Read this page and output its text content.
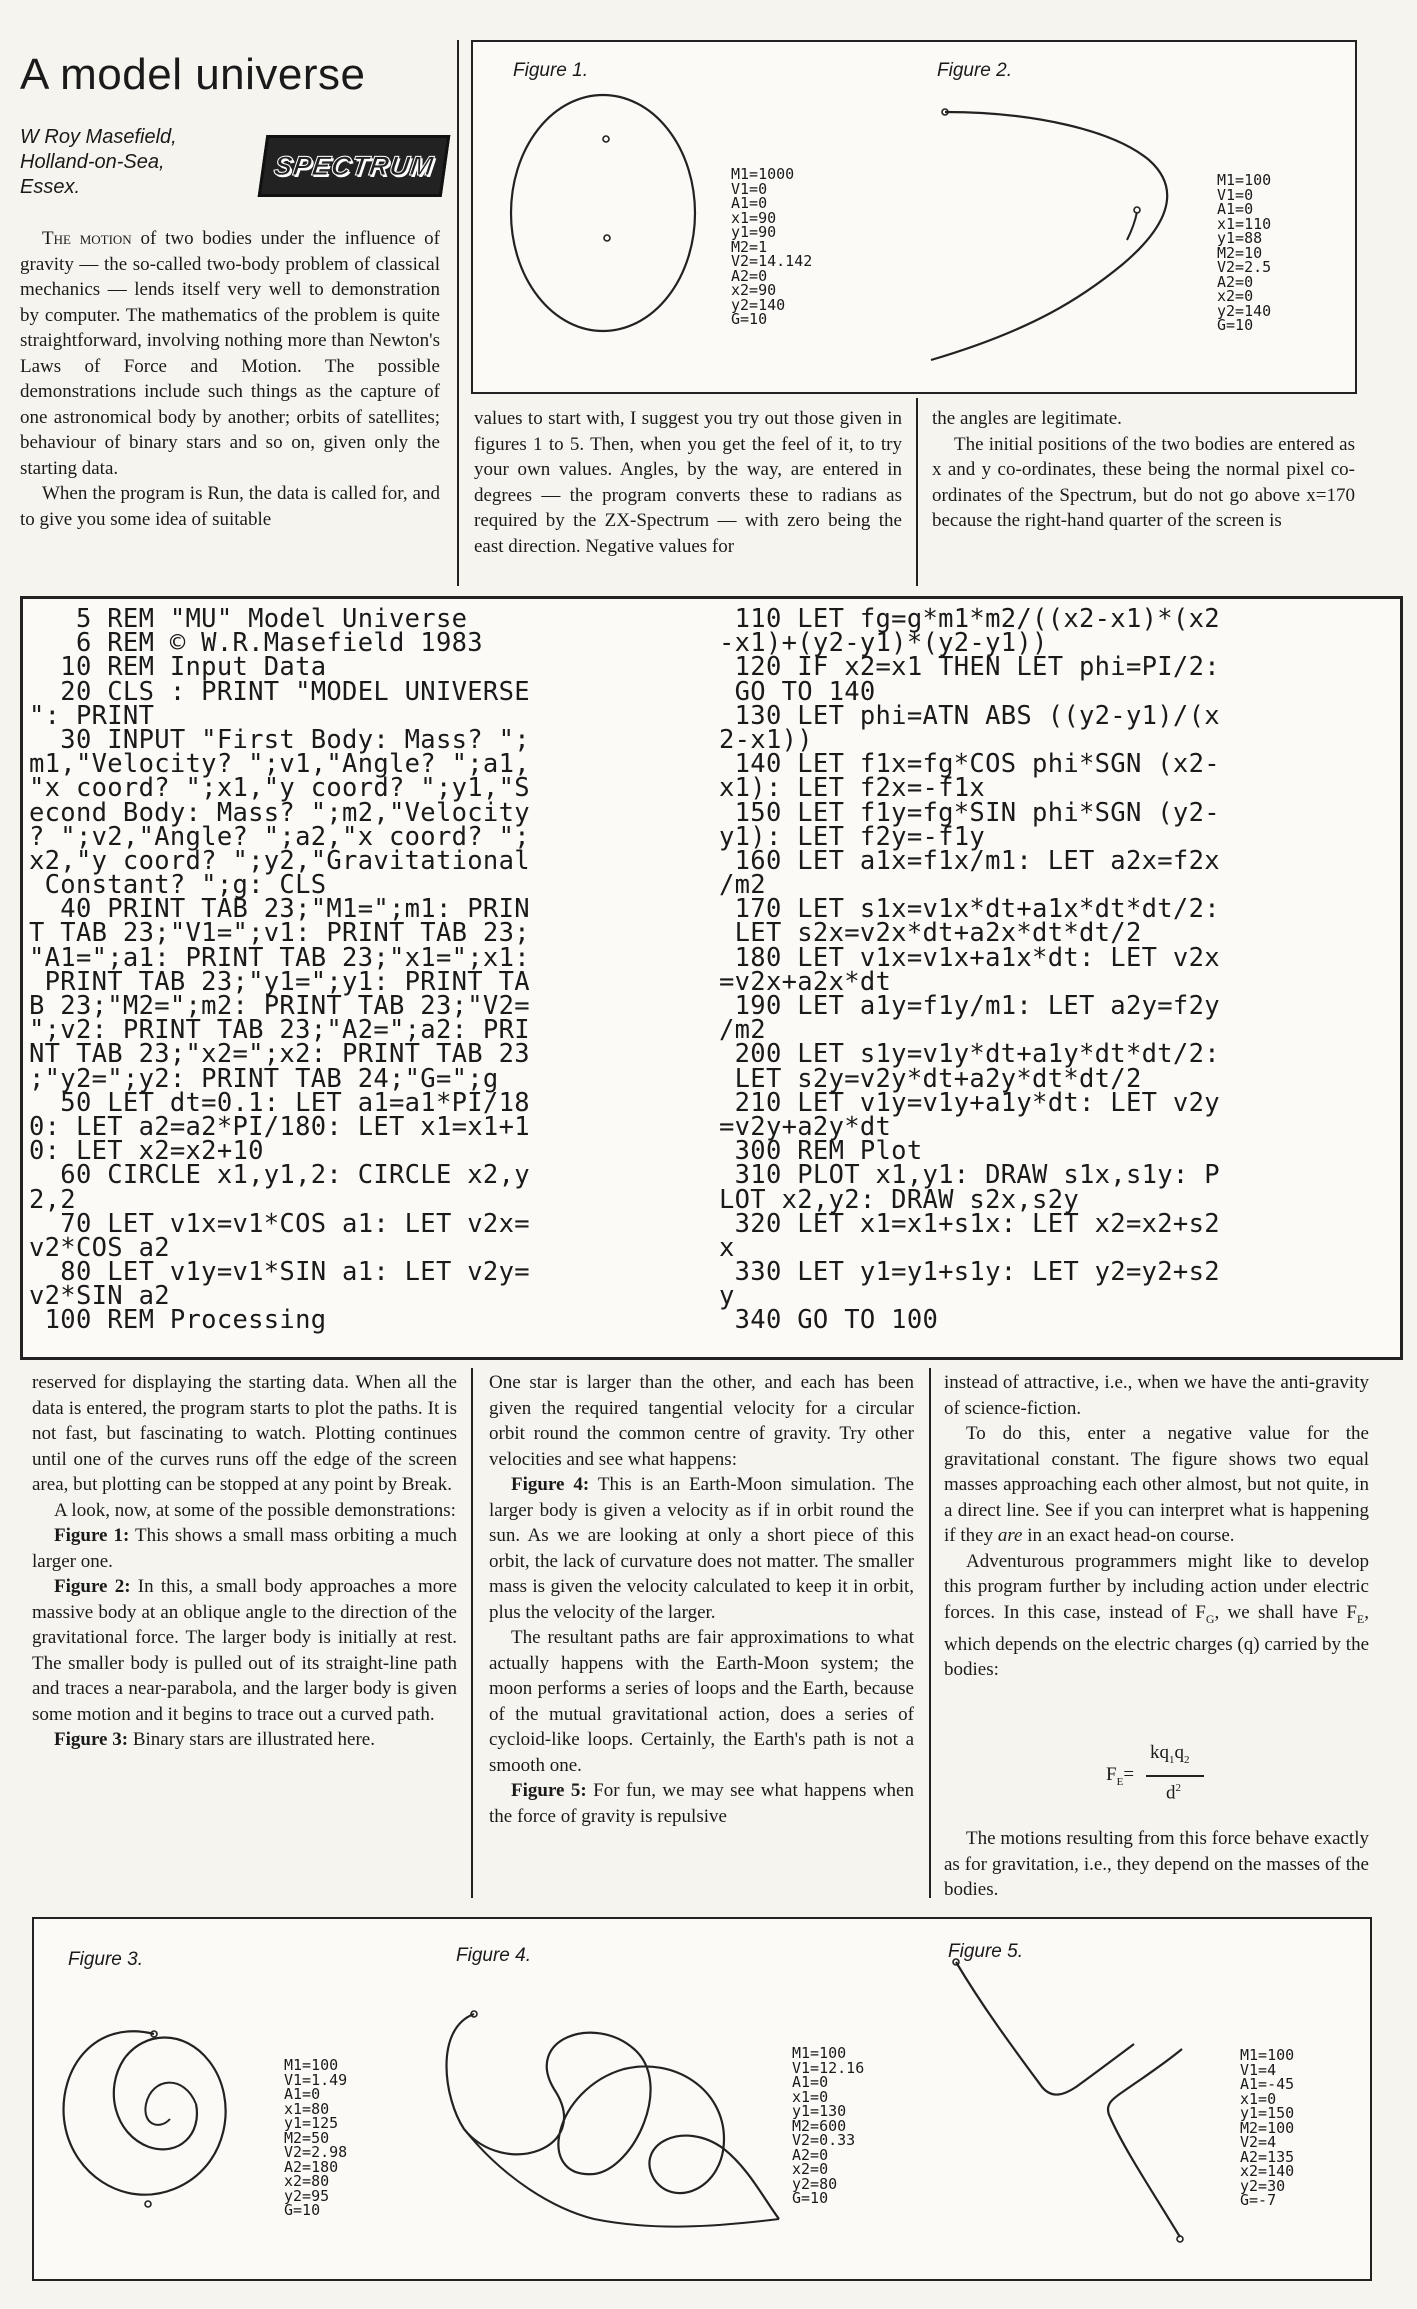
A model universe
W Roy Masefield,
Holland-on-Sea,
Essex.
SPECTRUM

The motion of two bodies under the influence of gravity — the so-called two-body problem of classical mechanics — lends itself very well to demonstration by computer. The mathematics of the problem is quite straightforward, involving nothing more than Newton's Laws of Force and Motion. The possible demonstrations include such things as the capture of one astronomical body by another; orbits of satellites; behaviour of binary stars and so on, given only the starting data.

When the program is Run, the data is called for, and to give you some idea of suitable

Figure 1.	Figure 2.

M1=1000
V1=0
A1=0
x1=90
y1=90
M2=1
V2=14.142
A2=0
x2=90
y2=140
G=10

M1=100
V1=0
A1=0
x1=110
y1=88
M2=10
V2=2.5
A2=0
x2=0
y2=140
G=10

values to start with, I suggest you try out those given in figures 1 to 5. Then, when you get the feel of it, to try your own values. Angles, by the way, are entered in degrees — the program converts these to radians as required by the ZX-Spectrum — with zero being the east direction. Negative values for

the angles are legitimate.

The initial positions of the two bodies are entered as x and y co-ordinates, these being the normal pixel co-ordinates of the Spectrum, but do not go above x=170 because the right-hand quarter of the screen is

5 REM "MU" Model Universe
6 REM © W.R.Masefield 1983
10 REM Input Data
20 CLS : PRINT "MODEL UNIVERSE
": PRINT
30 INPUT "First Body: Mass? ";
m1,"Velocity? ";v1,"Angle? ";a1,
"x coord? ";x1,"y coord? ";y1,"S
econd Body: Mass? ";m2,"Velocity
? ";v2,"Angle? ";a2,"x coord? ";
x2,"y coord? ";y2,"Gravitational
Constant? ";g: CLS
40 PRINT TAB 23;"M1=";m1: PRIN
T TAB 23;"V1=";v1: PRINT TAB 23;
"A1=";a1: PRINT TAB 23;"x1=";x1:
PRINT TAB 23;"y1=";y1: PRINT TA
B 23;"M2=";m2: PRINT TAB 23;"V2=
";v2: PRINT TAB 23;"A2=";a2: PRI
NT TAB 23;"x2=";x2: PRINT TAB 23
;"y2=";y2: PRINT TAB 24;"G=";g
50 LET dt=0.1: LET a1=a1*PI/18
0: LET a2=a2*PI/180: LET x1=x1+1
0: LET x2=x2+10
60 CIRCLE x1,y1,2: CIRCLE x2,y
2,2
70 LET v1x=v1*COS a1: LET v2x=
v2*COS a2
80 LET v1y=v1*SIN a1: LET v2y=
v2*SIN a2
100 REM Processing
110 LET fg=g*m1*m2/((x2-x1)*(x2
-x1)+(y2-y1)*(y2-y1))
120 IF x2=x1 THEN LET phi=PI/2:
GO TO 140
130 LET phi=ATN ABS ((y2-y1)/(x
2-x1))
140 LET f1x=fg*COS phi*SGN (x2-
x1): LET f2x=-f1x
150 LET f1y=fg*SIN phi*SGN (y2-
y1): LET f2y=-f1y
160 LET a1x=f1x/m1: LET a2x=f2x
/m2
170 LET s1x=v1x*dt+a1x*dt*dt/2:
LET s2x=v2x*dt+a2x*dt*dt/2
180 LET v1x=v1x+a1x*dt: LET v2x
=v2x+a2x*dt
190 LET a1y=f1y/m1: LET a2y=f2y
/m2
200 LET s1y=v1y*dt+a1y*dt*dt/2:
LET s2y=v2y*dt+a2y*dt*dt/2
210 LET v1y=v1y+a1y*dt: LET v2y
=v2y+a2y*dt
300 REM Plot
310 PLOT x1,y1: DRAW s1x,s1y: P
LOT x2,y2: DRAW s2x,s2y
320 LET x1=x1+s1x: LET x2=x2+s2
x
330 LET y1=y1+s1y: LET y2=y2+s2
y
340 GO TO 100

reserved for displaying the starting data. When all the data is entered, the program starts to plot the paths. It is not fast, but fascinating to watch. Plotting continues until one of the curves runs off the edge of the screen area, but plotting can be stopped at any point by Break.

A look, now, at some of the possible demonstrations:

Figure 1: This shows a small mass orbiting a much larger one.

Figure 2: In this, a small body approaches a more massive body at an oblique angle to the direction of the gravitational force. The larger body is initially at rest. The smaller body is pulled out of its straight-line path and traces a near-parabola, and the larger body is given some motion and it begins to trace out a curved path.

Figure 3: Binary stars are illustrated here.

One star is larger than the other, and each has been given the required tangential velocity for a circular orbit round the common centre of gravity. Try other velocities and see what happens:

Figure 4: This is an Earth-Moon simulation. The larger body is given a velocity as if in orbit round the sun. As we are looking at only a short piece of this orbit, the lack of curvature does not matter. The smaller mass is given the velocity calculated to keep it in orbit, plus the velocity of the larger.

The resultant paths are fair approximations to what actually happens with the Earth-Moon system; the moon performs a series of loops and the Earth, because of the mutual gravitational action, does a series of cycloid-like loops. Certainly, the Earth's path is not a smooth one.

Figure 5: For fun, we may see what happens when the force of gravity is repulsive

instead of attractive, i.e., when we have the anti-gravity of science-fiction.

To do this, enter a negative value for the gravitational constant. The figure shows two equal masses approaching each other almost, but not quite, in a direct line. See if you can interpret what is happening if they are in an exact head-on course.

Adventurous programmers might like to develop this program further by including action under electric forces. In this case, instead of $F_G$, we shall have $F_E$, which depends on the electric charges (q) carried by the bodies:

$F_E=$
$kq_1q_2$
$d^2$

The motions resulting from this force behave exactly as for gravitation, i.e., they depend on the masses of the bodies.

Figure 3.	Figure 4.	Figure 5.

M1=100
V1=1.49
A1=0
x1=80
y1=125
M2=50
V2=2.98
A2=180
x2=80
y2=95
G=10

M1=100
V1=12.16
A1=0
x1=0
y1=130
M2=600
V2=0.33
A2=0
x2=0
y2=80
G=10

M1=100
V1=4
A1=-45
x1=0
y1=150
M2=100
V2=4
A2=135
x2=140
y2=30
G=-7
